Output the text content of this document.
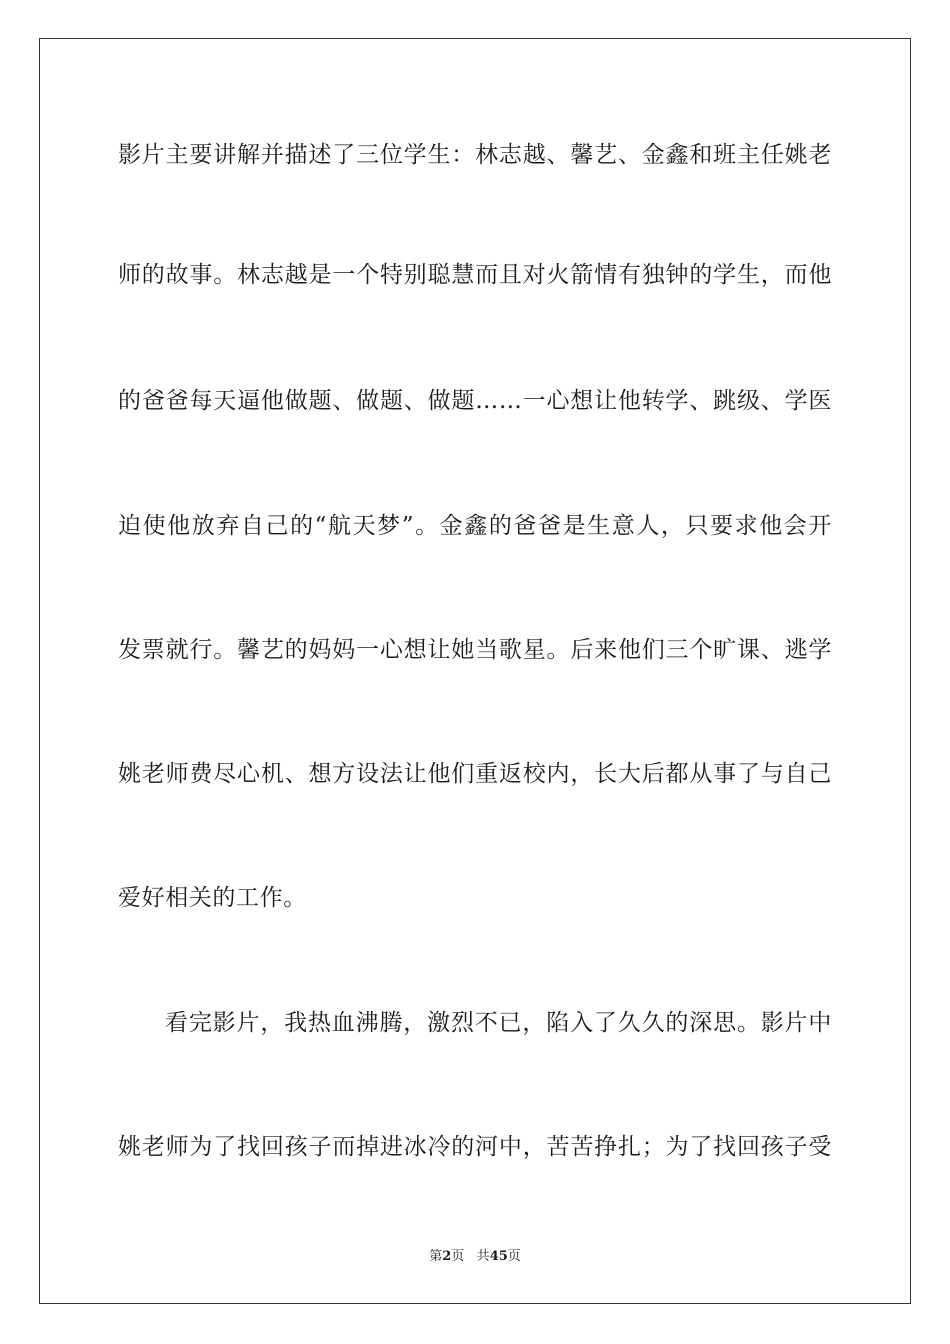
影片主要讲解并描述了三位学生：林志越、馨艺、金鑫和班主任姚老
师的故事。林志越是一个特别聪慧而且对火箭情有独钟的学生，而他
的爸爸每天逼他做题、做题、做题……一心想让他转学、跳级、学医
迫使他放弃自己的“航天梦”。金鑫的爸爸是生意人，只要求他会开
发票就行。馨艺的妈妈一心想让她当歌星。后来他们三个旷课、逃学
姚老师费尽心机、想方设法让他们重返校内，长大后都从事了与自己
爱好相关的工作。
看完影片，我热血沸腾，激烈不已，陷入了久久的深思。影片中
姚老师为了找回孩子而掉进冰冷的河中，苦苦挣扎；为了找回孩子受
第2页 共45页
